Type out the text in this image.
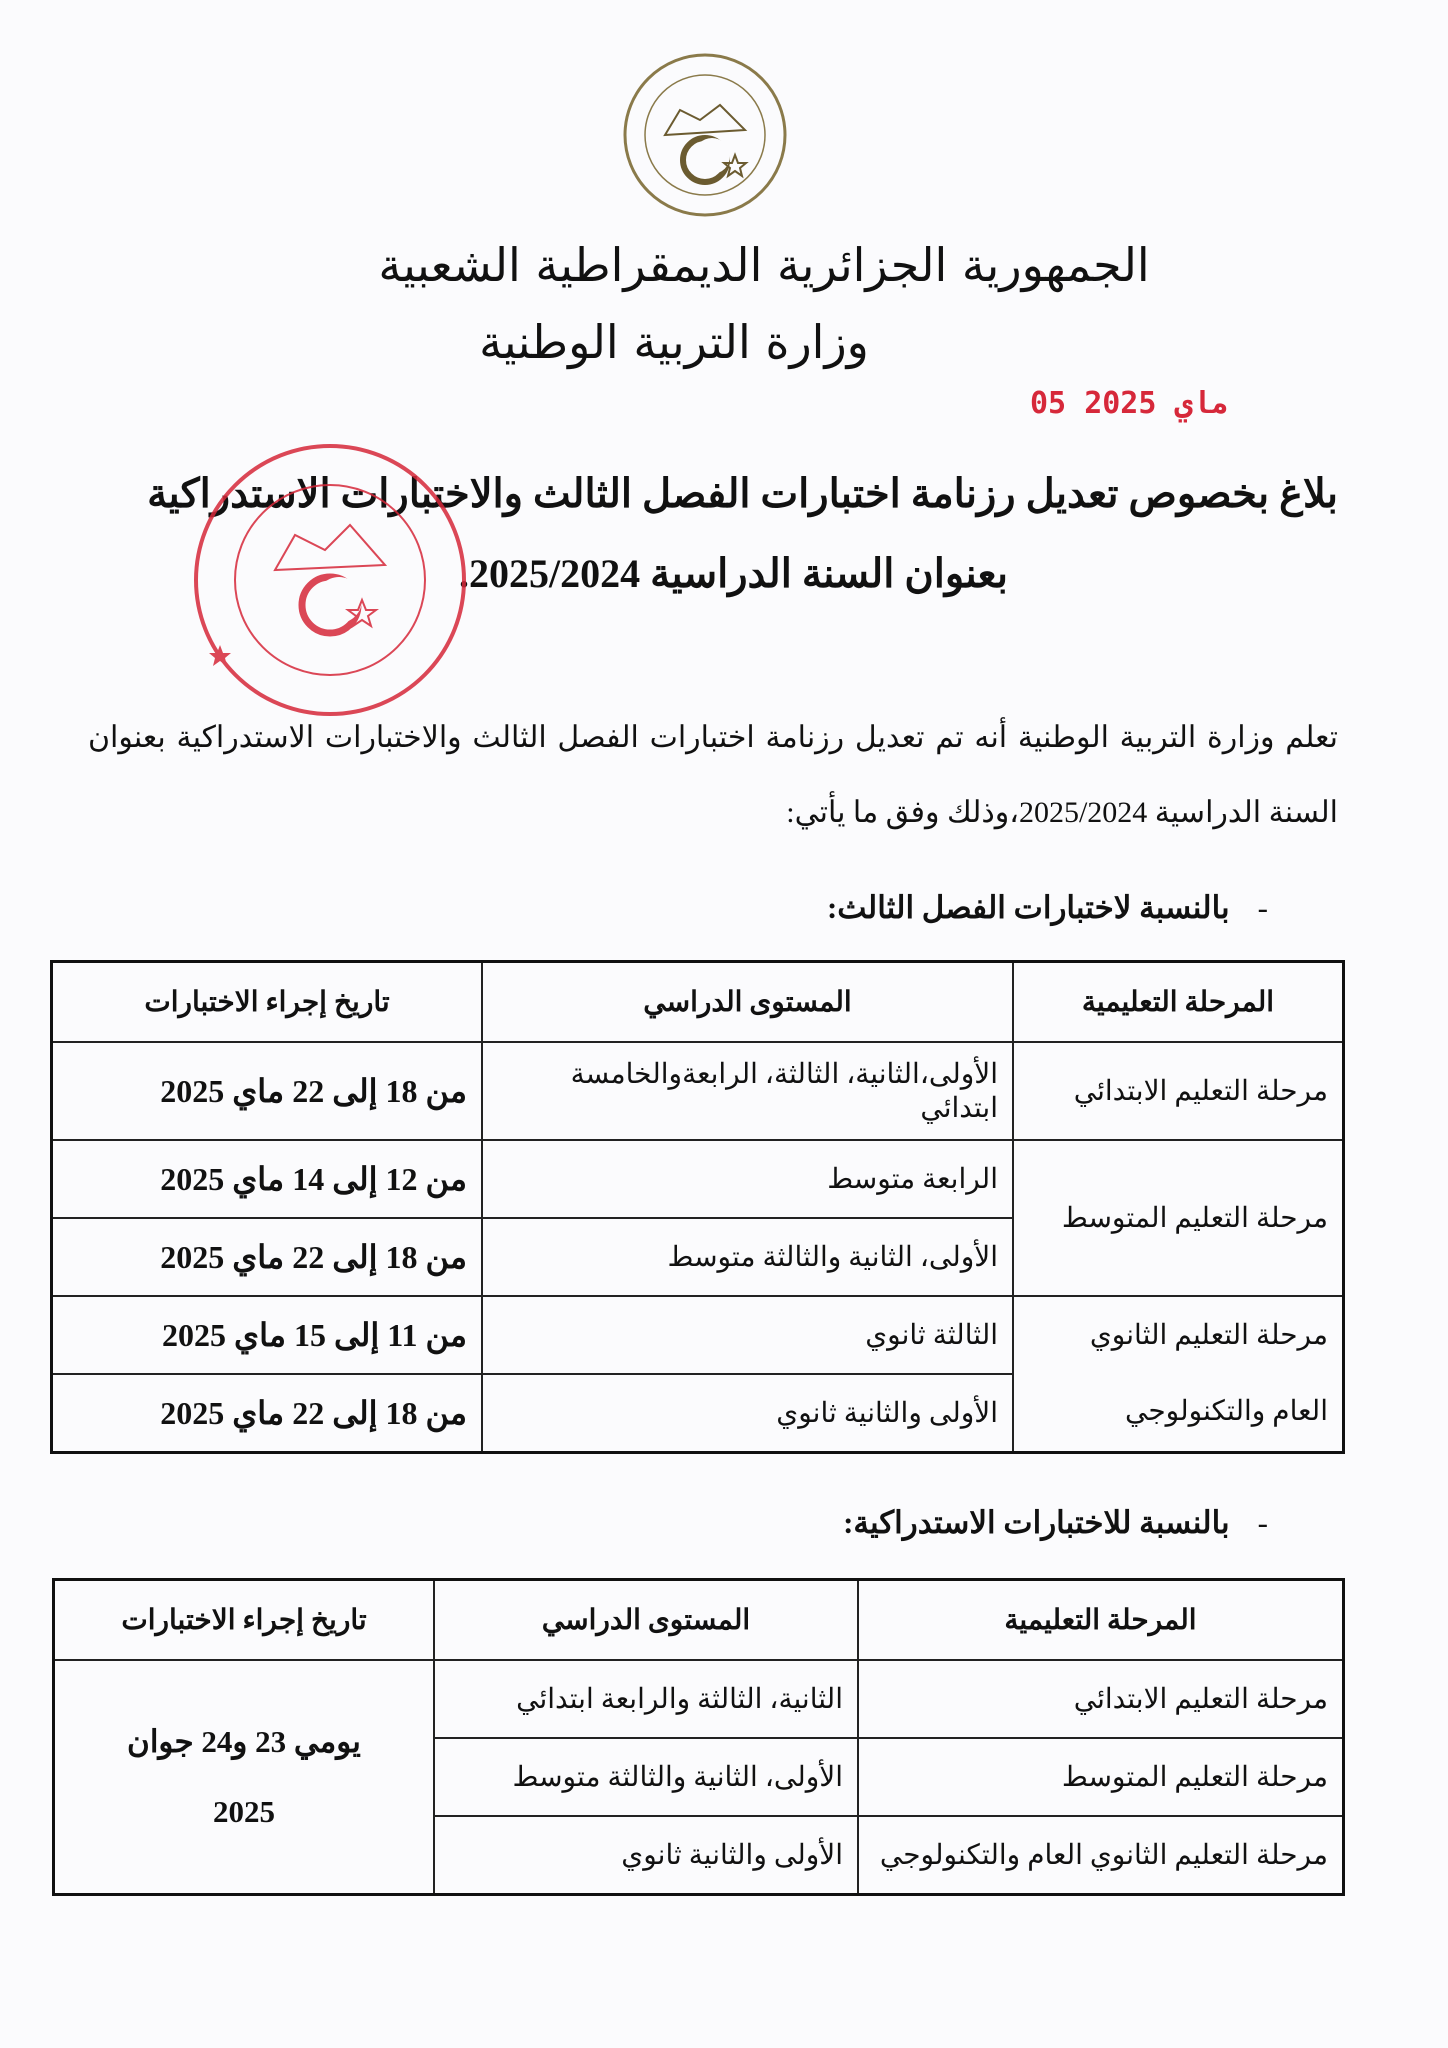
الجمهورية الجزائرية الديمقراطية الشعبية
وزارة التربية الوطنية
05 ماي 2025
بلاغ بخصوص تعديل رزنامة اختبارات الفصل الثالث والاختبارات الاستدراكية
بعنوان السنة الدراسية 2025/2024.
تعلم وزارة التربية الوطنية أنه تم تعديل رزنامة اختبارات الفصل الثالث والاختبارات الاستدراكية بعنوان السنة الدراسية 2025/2024،وذلك وفق ما يأتي:
-بالنسبة لاختبارات الفصل الثالث:
المرحلة التعليمية	المستوى الدراسي	تاريخ إجراء الاختبارات
مرحلة التعليم الابتدائي	الأولى،الثانية، الثالثة، الرابعةوالخامسة ابتدائي	من 18 إلى 22 ماي 2025
مرحلة التعليم المتوسط	الرابعة متوسط	من 12 إلى 14 ماي 2025
	الأولى، الثانية والثالثة متوسط	من 18 إلى 22 ماي 2025
مرحلة التعليم الثانوي العام والتكنولوجي	الثالثة ثانوي	من 11 إلى 15 ماي 2025
	الأولى والثانية ثانوي	من 18 إلى 22 ماي 2025
-بالنسبة للاختبارات الاستدراكية:
المرحلة التعليمية	المستوى الدراسي	تاريخ إجراء الاختبارات
مرحلة التعليم الابتدائي	الثانية، الثالثة والرابعة ابتدائي	يومي 23 و24 جوان 2025
مرحلة التعليم المتوسط	الأولى، الثانية والثالثة متوسط	
مرحلة التعليم الثانوي العام والتكنولوجي	الأولى والثانية ثانوي	
